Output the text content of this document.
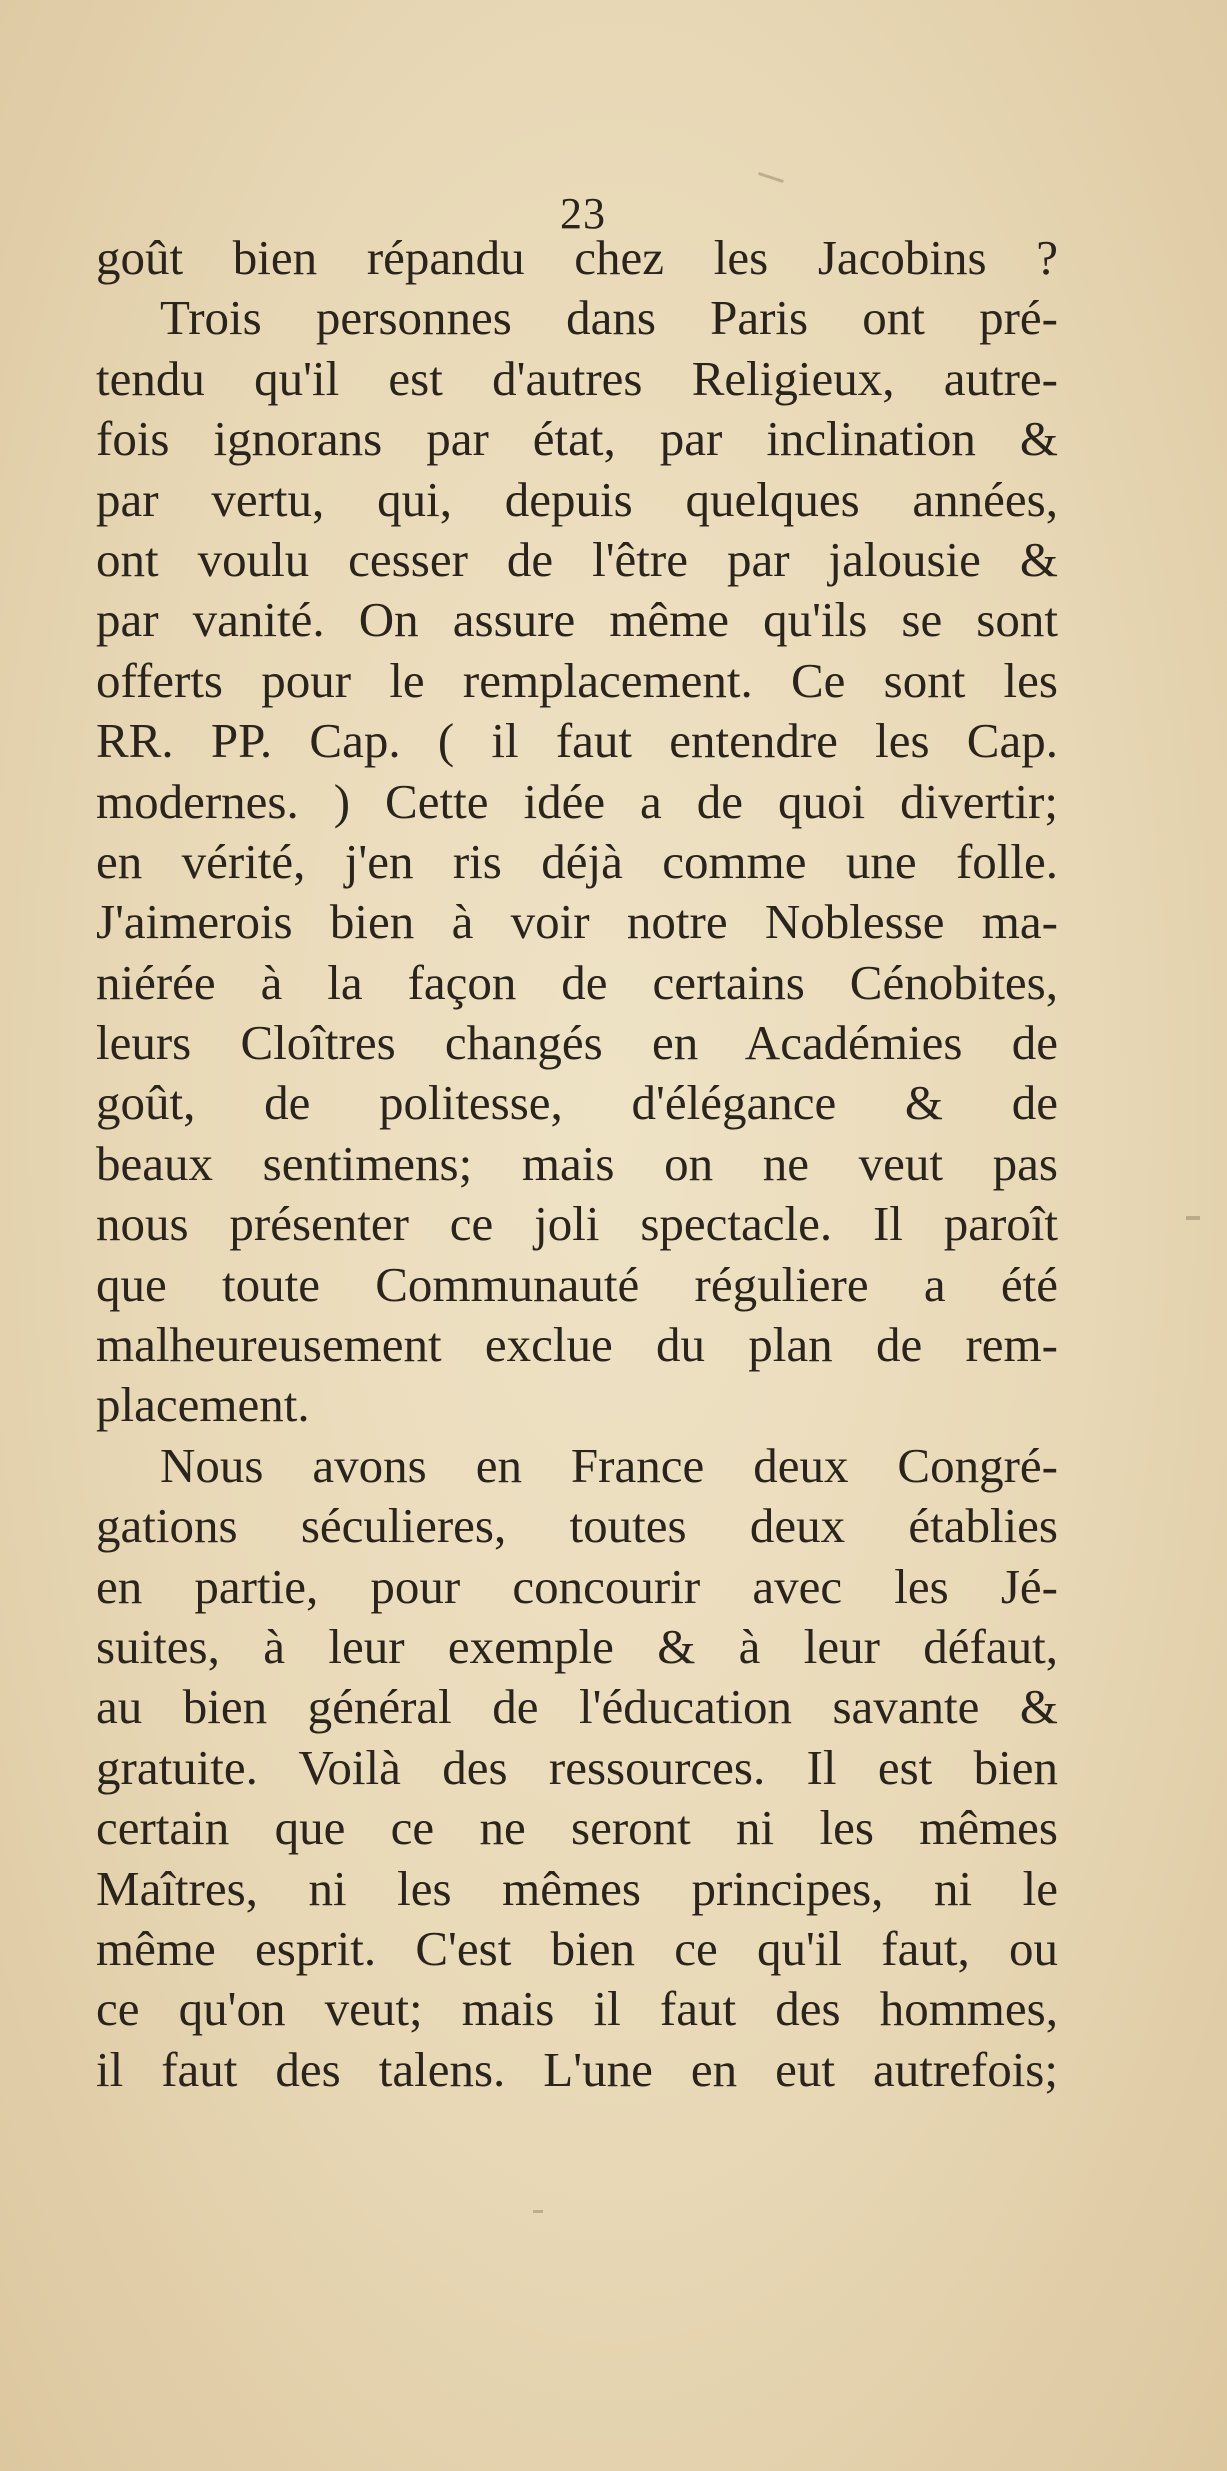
23
goût bien répandu chez les Jacobins ?
Trois personnes dans Paris ont pré-
tendu qu'il est d'autres Religieux, autre-
fois ignorans par état, par inclination &
par vertu, qui, depuis quelques années,
ont voulu cesser de l'être par jalousie &
par vanité. On assure même qu'ils se sont
offerts pour le remplacement. Ce sont les
RR. PP. Cap. ( il faut entendre les Cap.
modernes. ) Cette idée a de quoi divertir;
en vérité, j'en ris déjà comme une folle.
J'aimerois bien à voir notre Noblesse ma-
niérée à la façon de certains Cénobites,
leurs Cloîtres changés en Académies de
goût, de politesse, d'élégance & de
beaux sentimens; mais on ne veut pas
nous présenter ce joli spectacle. Il paroît
que toute Communauté réguliere a été
malheureusement exclue du plan de rem-
placement.
Nous avons en France deux Congré-
gations séculieres, toutes deux établies
en partie, pour concourir avec les Jé-
suites, à leur exemple & à leur défaut,
au bien général de l'éducation savante &
gratuite. Voilà des ressources. Il est bien
certain que ce ne seront ni les mêmes
Maîtres, ni les mêmes principes, ni le
même esprit. C'est bien ce qu'il faut, ou
ce qu'on veut; mais il faut des hommes,
il faut des talens. L'une en eut autrefois;
